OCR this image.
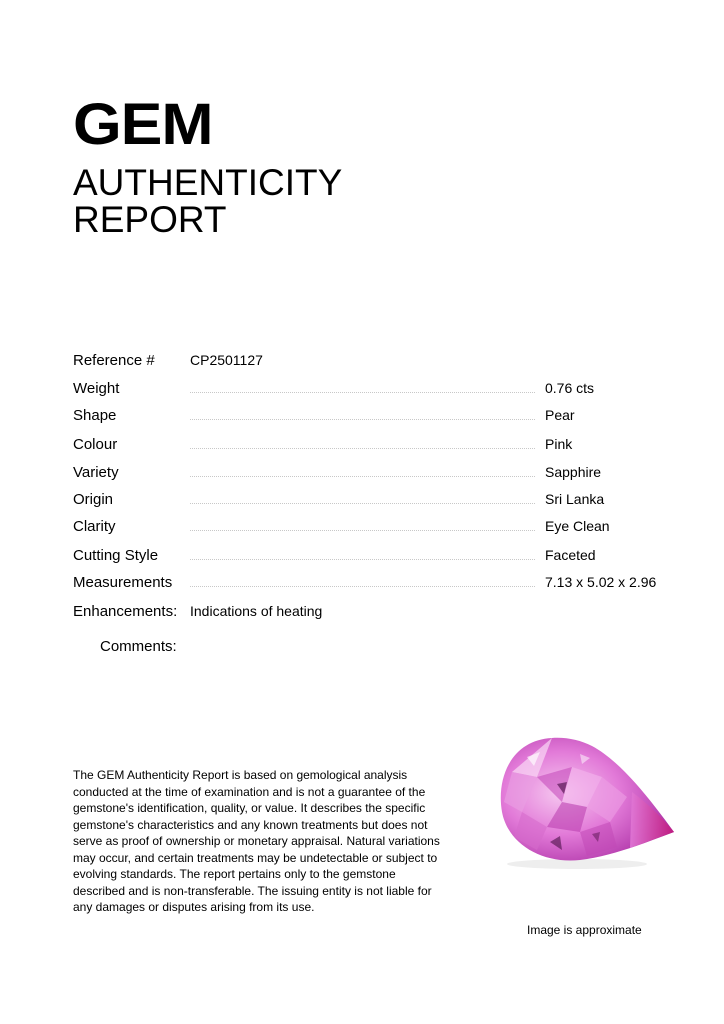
GEM
AUTHENTICITY
REPORT
Reference #	CP2501127
Weight	0.76 cts
Shape	Pear
Colour	Pink
Variety	Sapphire
Origin	Sri Lanka
Clarity	Eye Clean
Cutting Style	Faceted
Measurements	7.13 x 5.02 x 2.96
Enhancements: Indications of heating
Comments:
The GEM Authenticity Report is based on gemological analysis conducted at the time of examination and is not a guarantee of the gemstone's identification, quality, or value. It describes the specific gemstone's characteristics and any known treatments but does not serve as proof of ownership or monetary appraisal. Natural variations may occur, and certain treatments may be undetectable or subject to evolving standards. The report pertains only to the gemstone described and is non-transferable. The issuing entity is not liable for any damages or disputes arising from its use.
Image is approximate
